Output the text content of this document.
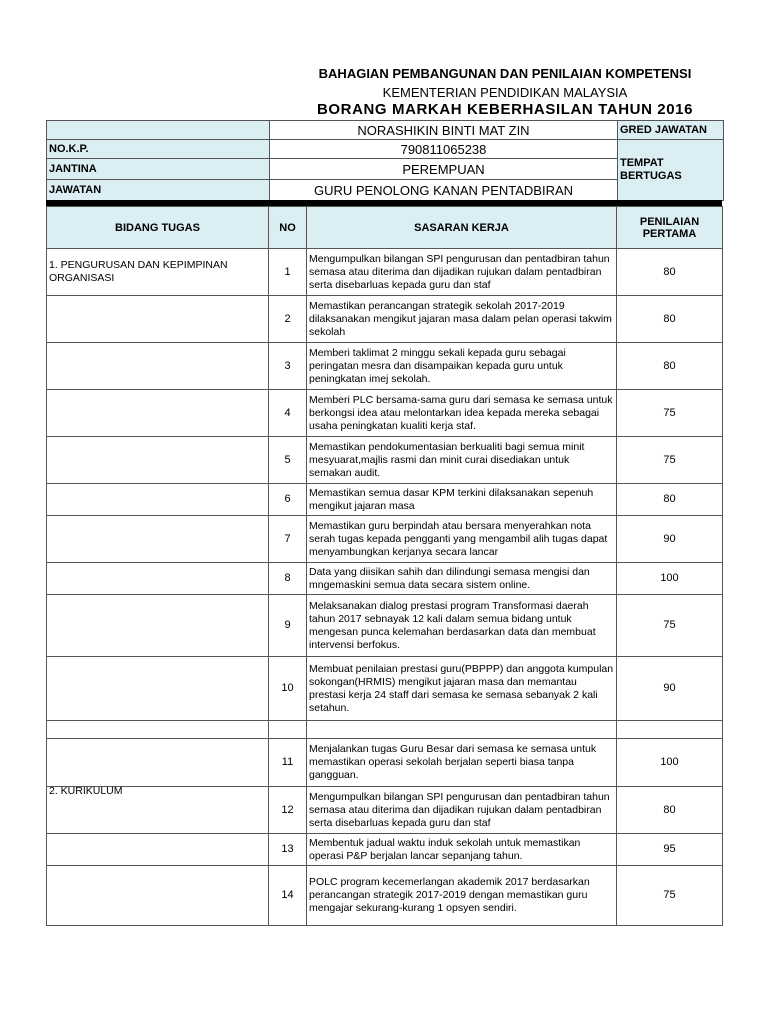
BAHAGIAN PEMBANGUNAN DAN PENILAIAN KOMPETENSI
KEMENTERIAN PENDIDIKAN MALAYSIA
BORANG MARKAH KEBERHASILAN TAHUN 2016
	NORASHIKIN BINTI MAT ZIN	GRED JAWATAN
NO.K.P.	790811065238	TEMPAT BERTUGAS
JANTINA	PEREMPUAN	
JAWATAN	GURU PENOLONG KANAN PENTADBIRAN	
BIDANG TUGAS	NO	SASARAN KERJA	PENILAIAN PERTAMA
1. PENGURUSAN DAN KEPIMPINAN ORGANISASI	1	Mengumpulkan bilangan SPI pengurusan dan pentadbiran tahun semasa atau diterima dan dijadikan rujukan dalam pentadbiran serta disebarluas kepada guru dan staf	80
	2	Memastikan perancangan strategik sekolah 2017-2019 dilaksanakan mengikut jajaran masa dalam pelan operasi takwim sekolah	80
	3	Memberi taklimat 2 minggu sekali kepada guru sebagai peringatan mesra dan disampaikan kepada guru untuk peningkatan imej sekolah.	80
	4	Memberi PLC bersama-sama guru dari semasa ke semasa untuk berkongsi idea atau melontarkan idea kepada mereka sebagai usaha peningkatan kualiti kerja staf.	75
	5	Memastikan pendokumentasian berkualiti bagi semua minit mesyuarat,majlis rasmi dan minit curai disediakan untuk semakan audit.	75
	6	Memastikan semua dasar KPM terkini dilaksanakan sepenuh mengikut jajaran masa	80
	7	Memastikan guru berpindah atau bersara menyerahkan nota serah tugas kepada pengganti yang mengambil alih tugas dapat menyambungkan kerjanya secara lancar	90
	8	Data yang diisikan sahih dan dilindungi semasa mengisi dan mngemaskini semua data secara sistem online.	100
	9	Melaksanakan dialog prestasi program Transformasi daerah tahun 2017 sebnayak 12 kali dalam semua bidang untuk mengesan punca kelemahan berdasarkan data dan membuat intervensi berfokus.	75
	10	Membuat penilaian prestasi guru(PBPPP) dan anggota kumpulan sokongan(HRMIS) mengikut jajaran masa dan memantau prestasi kerja 24 staff dari semasa ke semasa sebanyak 2 kali setahun.	90

2. KURIKULUM	11	Menjalankan tugas Guru Besar dari semasa ke semasa untuk memastikan operasi sekolah berjalan seperti biasa tanpa gangguan.	100
	12	Mengumpulkan bilangan SPI pengurusan dan pentadbiran tahun semasa atau diterima dan dijadikan rujukan dalam pentadbiran serta disebarluas kepada guru dan staf	80
	13	Membentuk jadual waktu induk sekolah untuk memastikan operasi P&P berjalan lancar sepanjang tahun.	95
	14	POLC program kecemerlangan akademik 2017 berdasarkan perancangan strategik 2017-2019 dengan memastikan guru mengajar sekurang-kurang 1 opsyen sendiri.	75
